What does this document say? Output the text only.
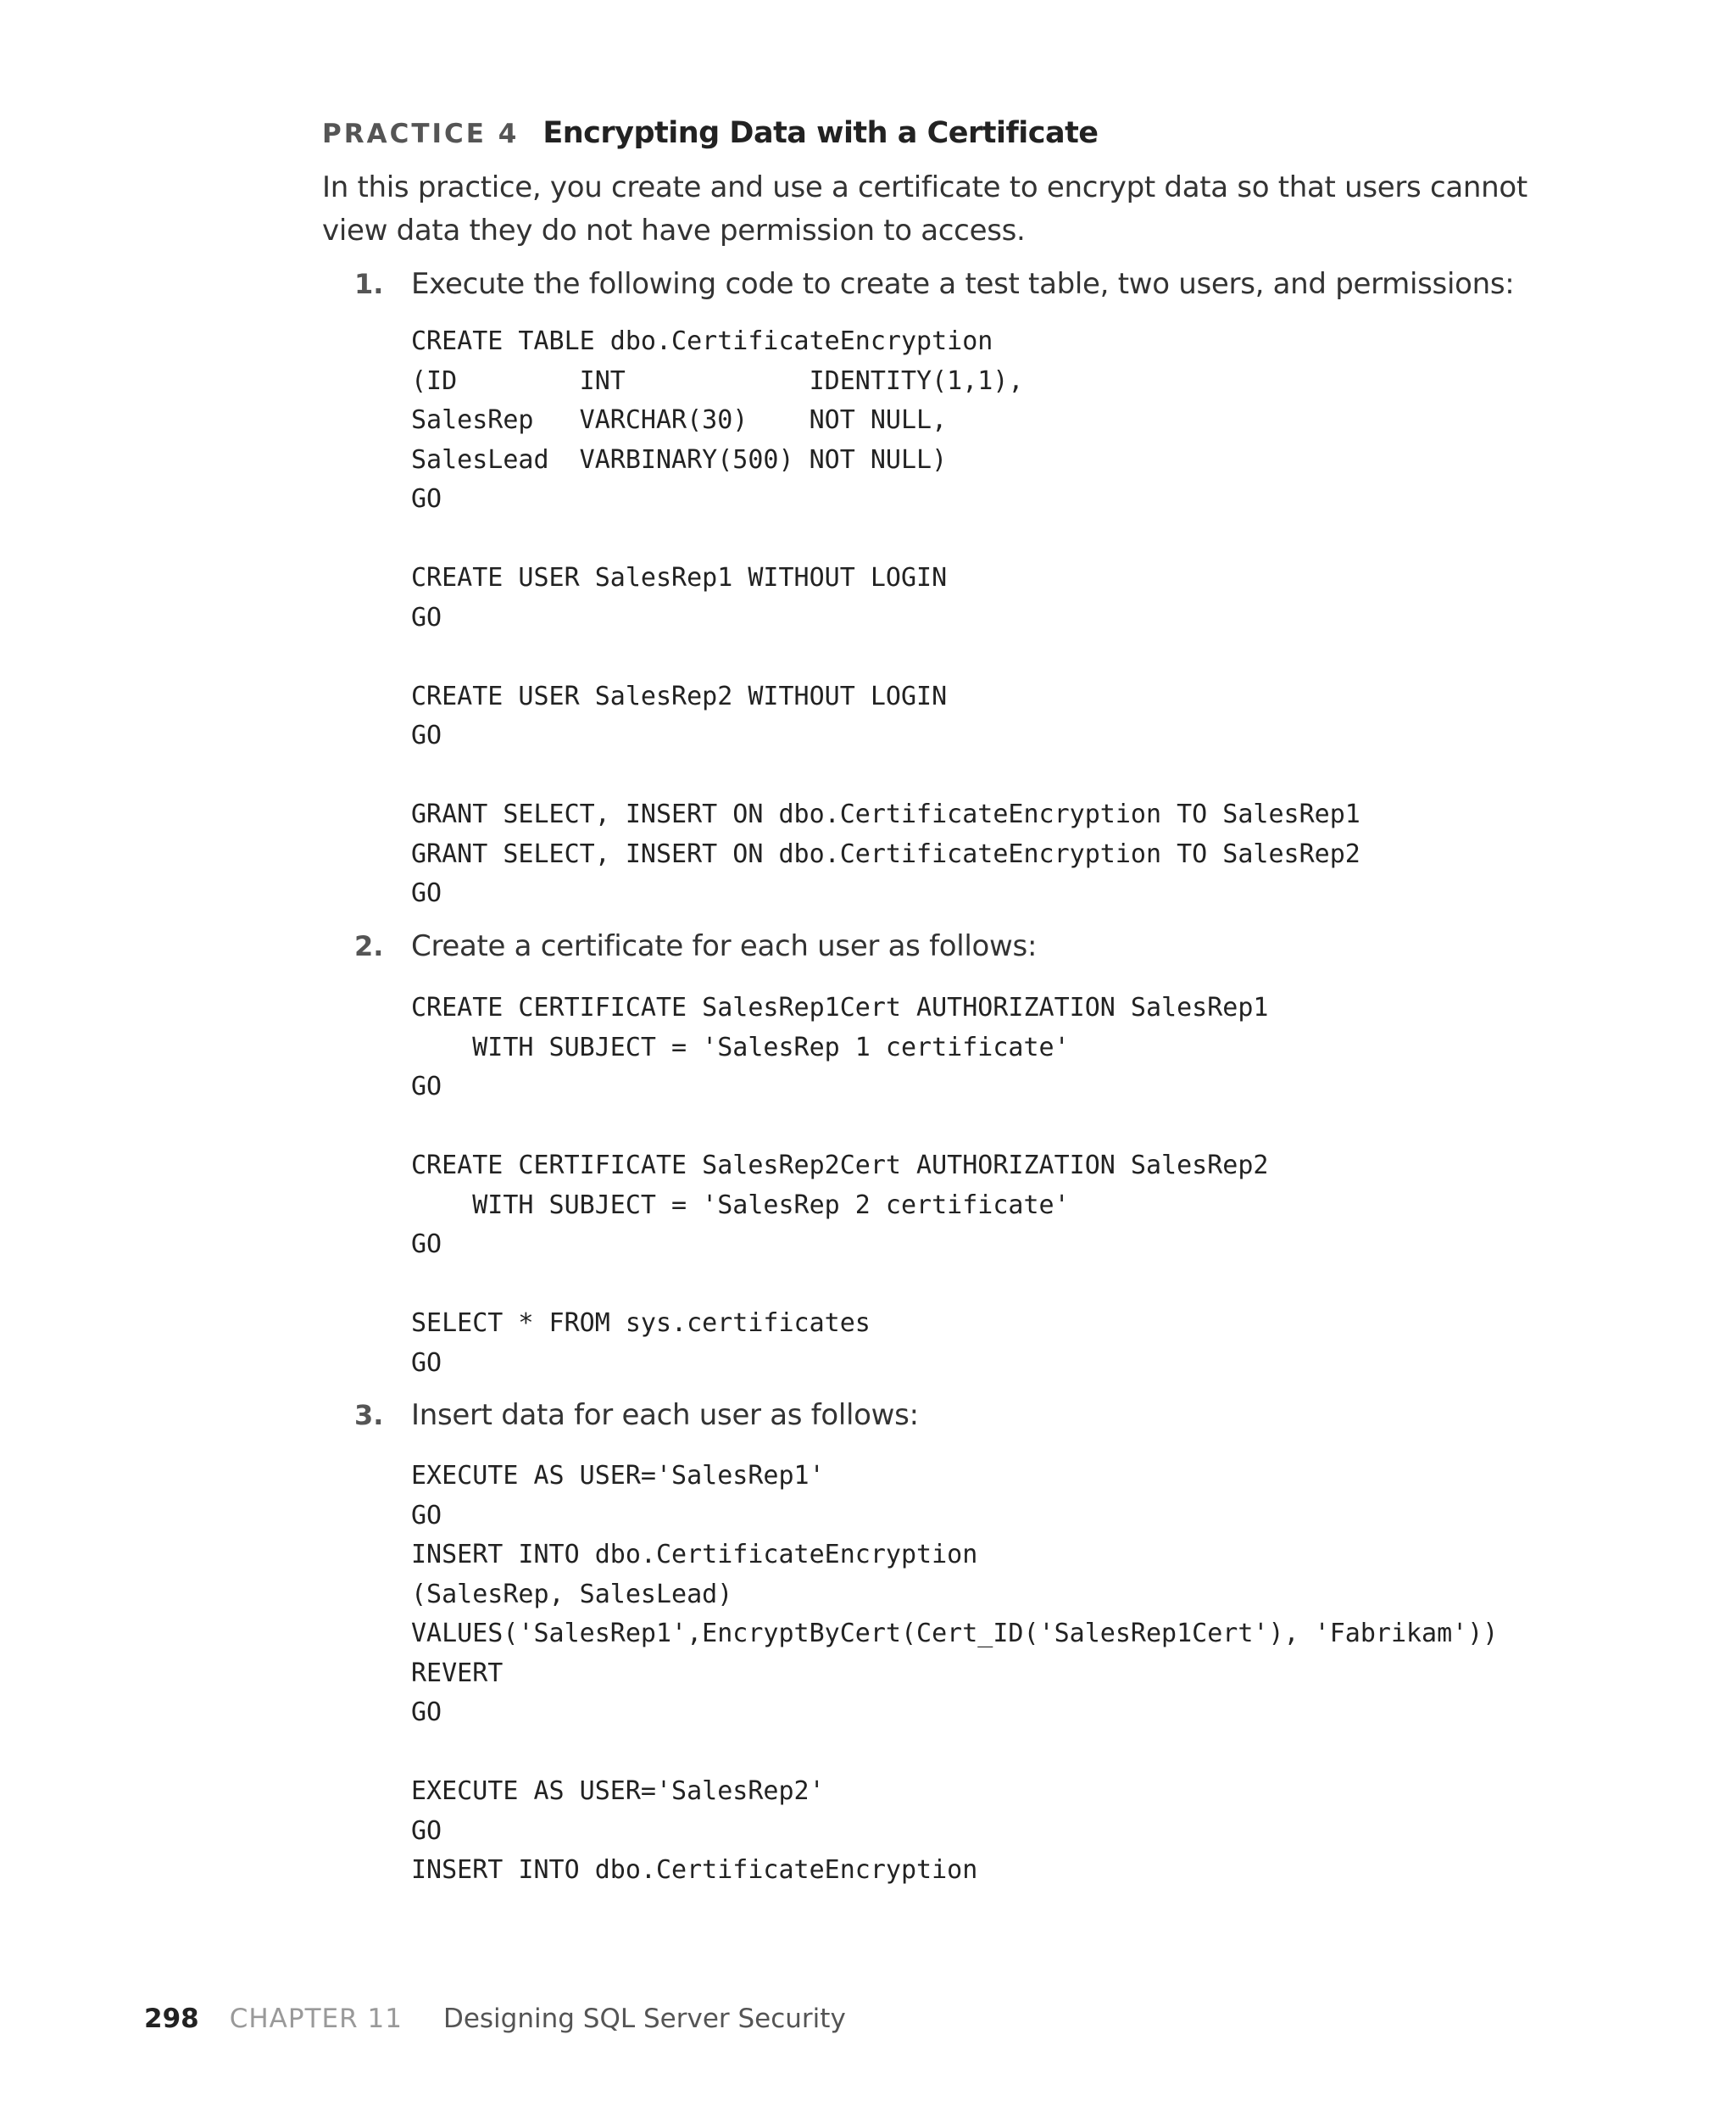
PRACTICE 4 Encrypting Data with a Certificate

In this practice, you create and use a certificate to encrypt data so that users cannot view data they do not have permission to access.

1. Execute the following code to create a test table, two users, and permissions:
CREATE TABLE dbo.CertificateEncryption
(ID        INT            IDENTITY(1,1),
SalesRep   VARCHAR(30)    NOT NULL,
SalesLead  VARBINARY(500) NOT NULL)
GO
CREATE USER SalesRep1 WITHOUT LOGIN
GO
CREATE USER SalesRep2 WITHOUT LOGIN
GO
GRANT SELECT, INSERT ON dbo.CertificateEncryption TO SalesRep1
GRANT SELECT, INSERT ON dbo.CertificateEncryption TO SalesRep2
GO
2. Create a certificate for each user as follows:
CREATE CERTIFICATE SalesRep1Cert AUTHORIZATION SalesRep1
WITH SUBJECT = 'SalesRep 1 certificate'
GO
CREATE CERTIFICATE SalesRep2Cert AUTHORIZATION SalesRep2
WITH SUBJECT = 'SalesRep 2 certificate'
GO
SELECT * FROM sys.certificates
GO
3. Insert data for each user as follows:
EXECUTE AS USER='SalesRep1'
GO
INSERT INTO dbo.CertificateEncryption
(SalesRep, SalesLead)
VALUES('SalesRep1',EncryptByCert(Cert_ID('SalesRep1Cert'), 'Fabrikam'))
REVERT
GO
EXECUTE AS USER='SalesRep2'
GO
INSERT INTO dbo.CertificateEncryption
298 CHAPTER 11 Designing SQL Server Security
